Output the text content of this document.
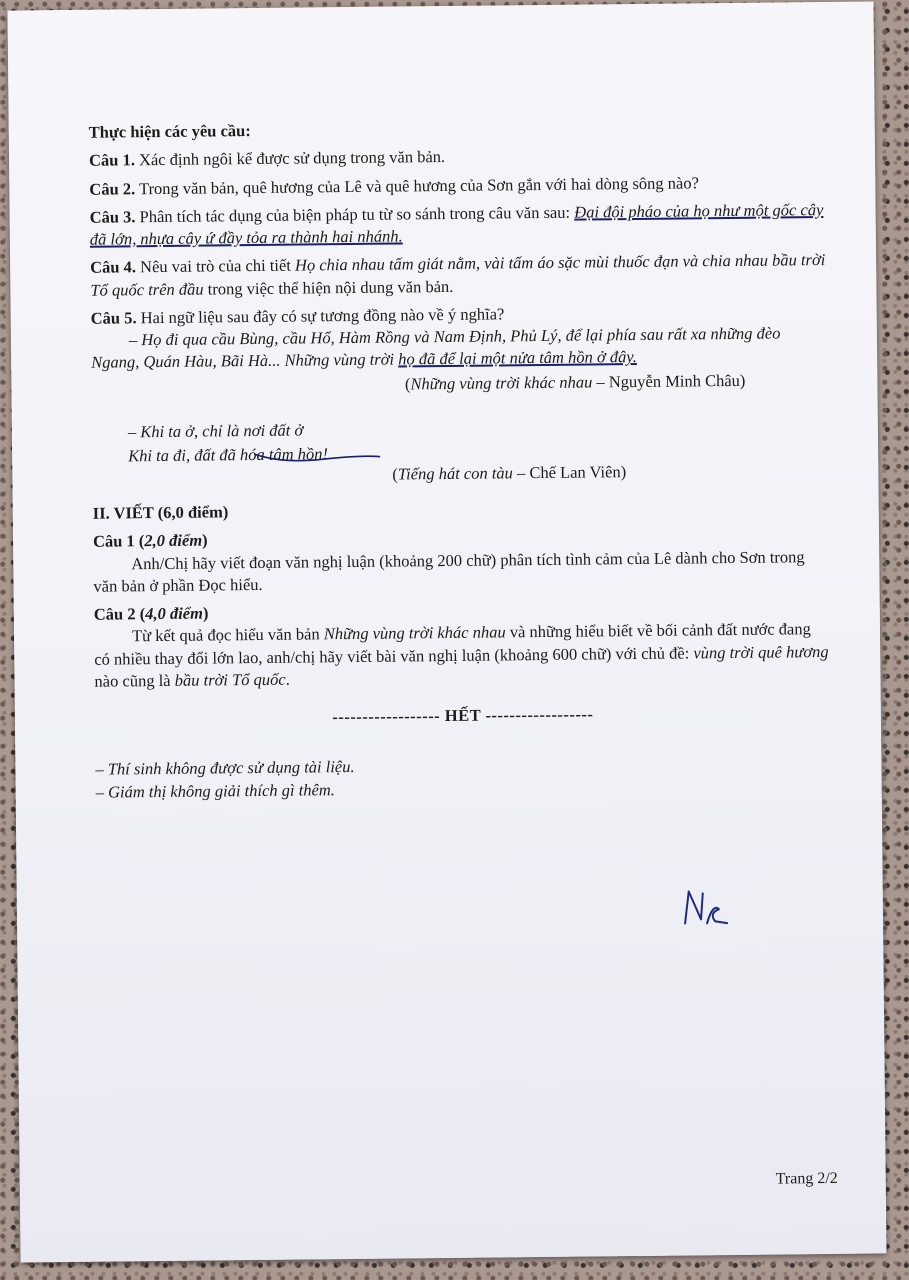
Thực hiện các yêu cầu:

Câu 1. Xác định ngôi kể được sử dụng trong văn bản.

Câu 2. Trong văn bản, quê hương của Lê và quê hương của Sơn gắn với hai dòng sông nào?

Câu 3. Phân tích tác dụng của biện pháp tu từ so sánh trong câu văn sau: Đại đội pháo của họ như một gốc cây đã lớn, nhựa cây ứ đầy tỏa ra thành hai nhánh.

Câu 4. Nêu vai trò của chi tiết Họ chia nhau tấm giát nằm, vài tấm áo sặc mùi thuốc đạn và chia nhau bầu trời Tổ quốc trên đầu trong việc thể hiện nội dung văn bản.

Câu 5. Hai ngữ liệu sau đây có sự tương đồng nào về ý nghĩa?

– Họ đi qua cầu Bùng, cầu Hổ, Hàm Rồng và Nam Định, Phủ Lý, để lại phía sau rất xa những đèo Ngang, Quán Hàu, Bãi Hà... Những vùng trời họ đã để lại một nửa tâm hồn ở đây.

(Những vùng trời khác nhau – Nguyễn Minh Châu)

– Khi ta ở, chỉ là nơi đất ở

Khi ta đi, đất đã hóa tâm hồn!

(Tiếng hát con tàu – Chế Lan Viên)

II. VIẾT (6,0 điểm)

Câu 1 (2,0 điểm)

Anh/Chị hãy viết đoạn văn nghị luận (khoảng 200 chữ) phân tích tình cảm của Lê dành cho Sơn trong văn bản ở phần Đọc hiểu.

Câu 2 (4,0 điểm)

Từ kết quả đọc hiểu văn bản Những vùng trời khác nhau và những hiểu biết về bối cảnh đất nước đang có nhiều thay đổi lớn lao, anh/chị hãy viết bài văn nghị luận (khoảng 600 chữ) với chủ đề: vùng trời quê hương nào cũng là bầu trời Tổ quốc.

------------------ HẾT ------------------

– Thí sinh không được sử dụng tài liệu.

– Giám thị không giải thích gì thêm.

Trang 2/2
